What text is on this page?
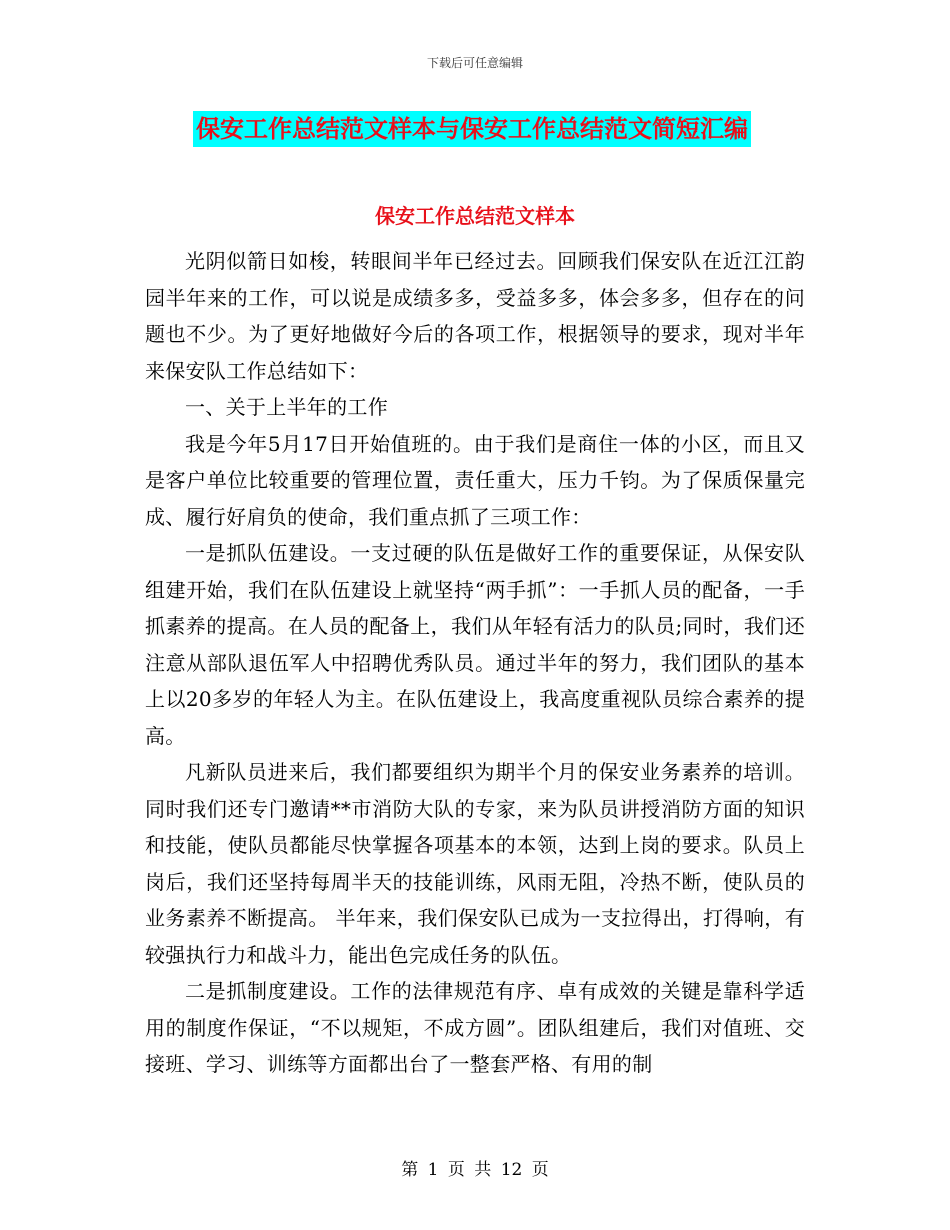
下载后可任意编辑
保安工作总结范文样本与保安工作总结范文简短汇编
保安工作总结范文样本

光阴似箭日如梭，转眼间半年已经过去。回顾我们保安队在近江江韵园半年来的工作，可以说是成绩多多，受益多多，体会多多，但存在的问题也不少。为了更好地做好今后的各项工作，根据领导的要求，现对半年来保安队工作总结如下：

一、关于上半年的工作

我是今年5月17日开始值班的。由于我们是商住一体的小区，而且又是客户单位比较重要的管理位置，责任重大，压力千钧。为了保质保量完成、履行好肩负的使命，我们重点抓了三项工作：

一是抓队伍建设。一支过硬的队伍是做好工作的重要保证，从保安队组建开始，我们在队伍建设上就坚持“两手抓”：一手抓人员的配备，一手抓素养的提高。在人员的配备上，我们从年轻有活力的队员;同时，我们还注意从部队退伍军人中招聘优秀队员。通过半年的努力，我们团队的基本上以20多岁的年轻人为主。在队伍建设上，我高度重视队员综合素养的提高。

凡新队员进来后，我们都要组织为期半个月的保安业务素养的培训。同时我们还专门邀请**市消防大队的专家，来为队员讲授消防方面的知识和技能，使队员都能尽快掌握各项基本的本领，达到上岗的要求。队员上岗后，我们还坚持每周半天的技能训练，风雨无阻，冷热不断，使队员的业务素养不断提高。 半年来，我们保安队已成为一支拉得出，打得响，有较强执行力和战斗力，能出色完成任务的队伍。

二是抓制度建设。工作的法律规范有序、卓有成效的关键是靠科学适用的制度作保证，“不以规矩，不成方圆”。团队组建后，我们对值班、交接班、学习、训练等方面都出台了一整套严格、有用的制

第 1 页 共 12 页
